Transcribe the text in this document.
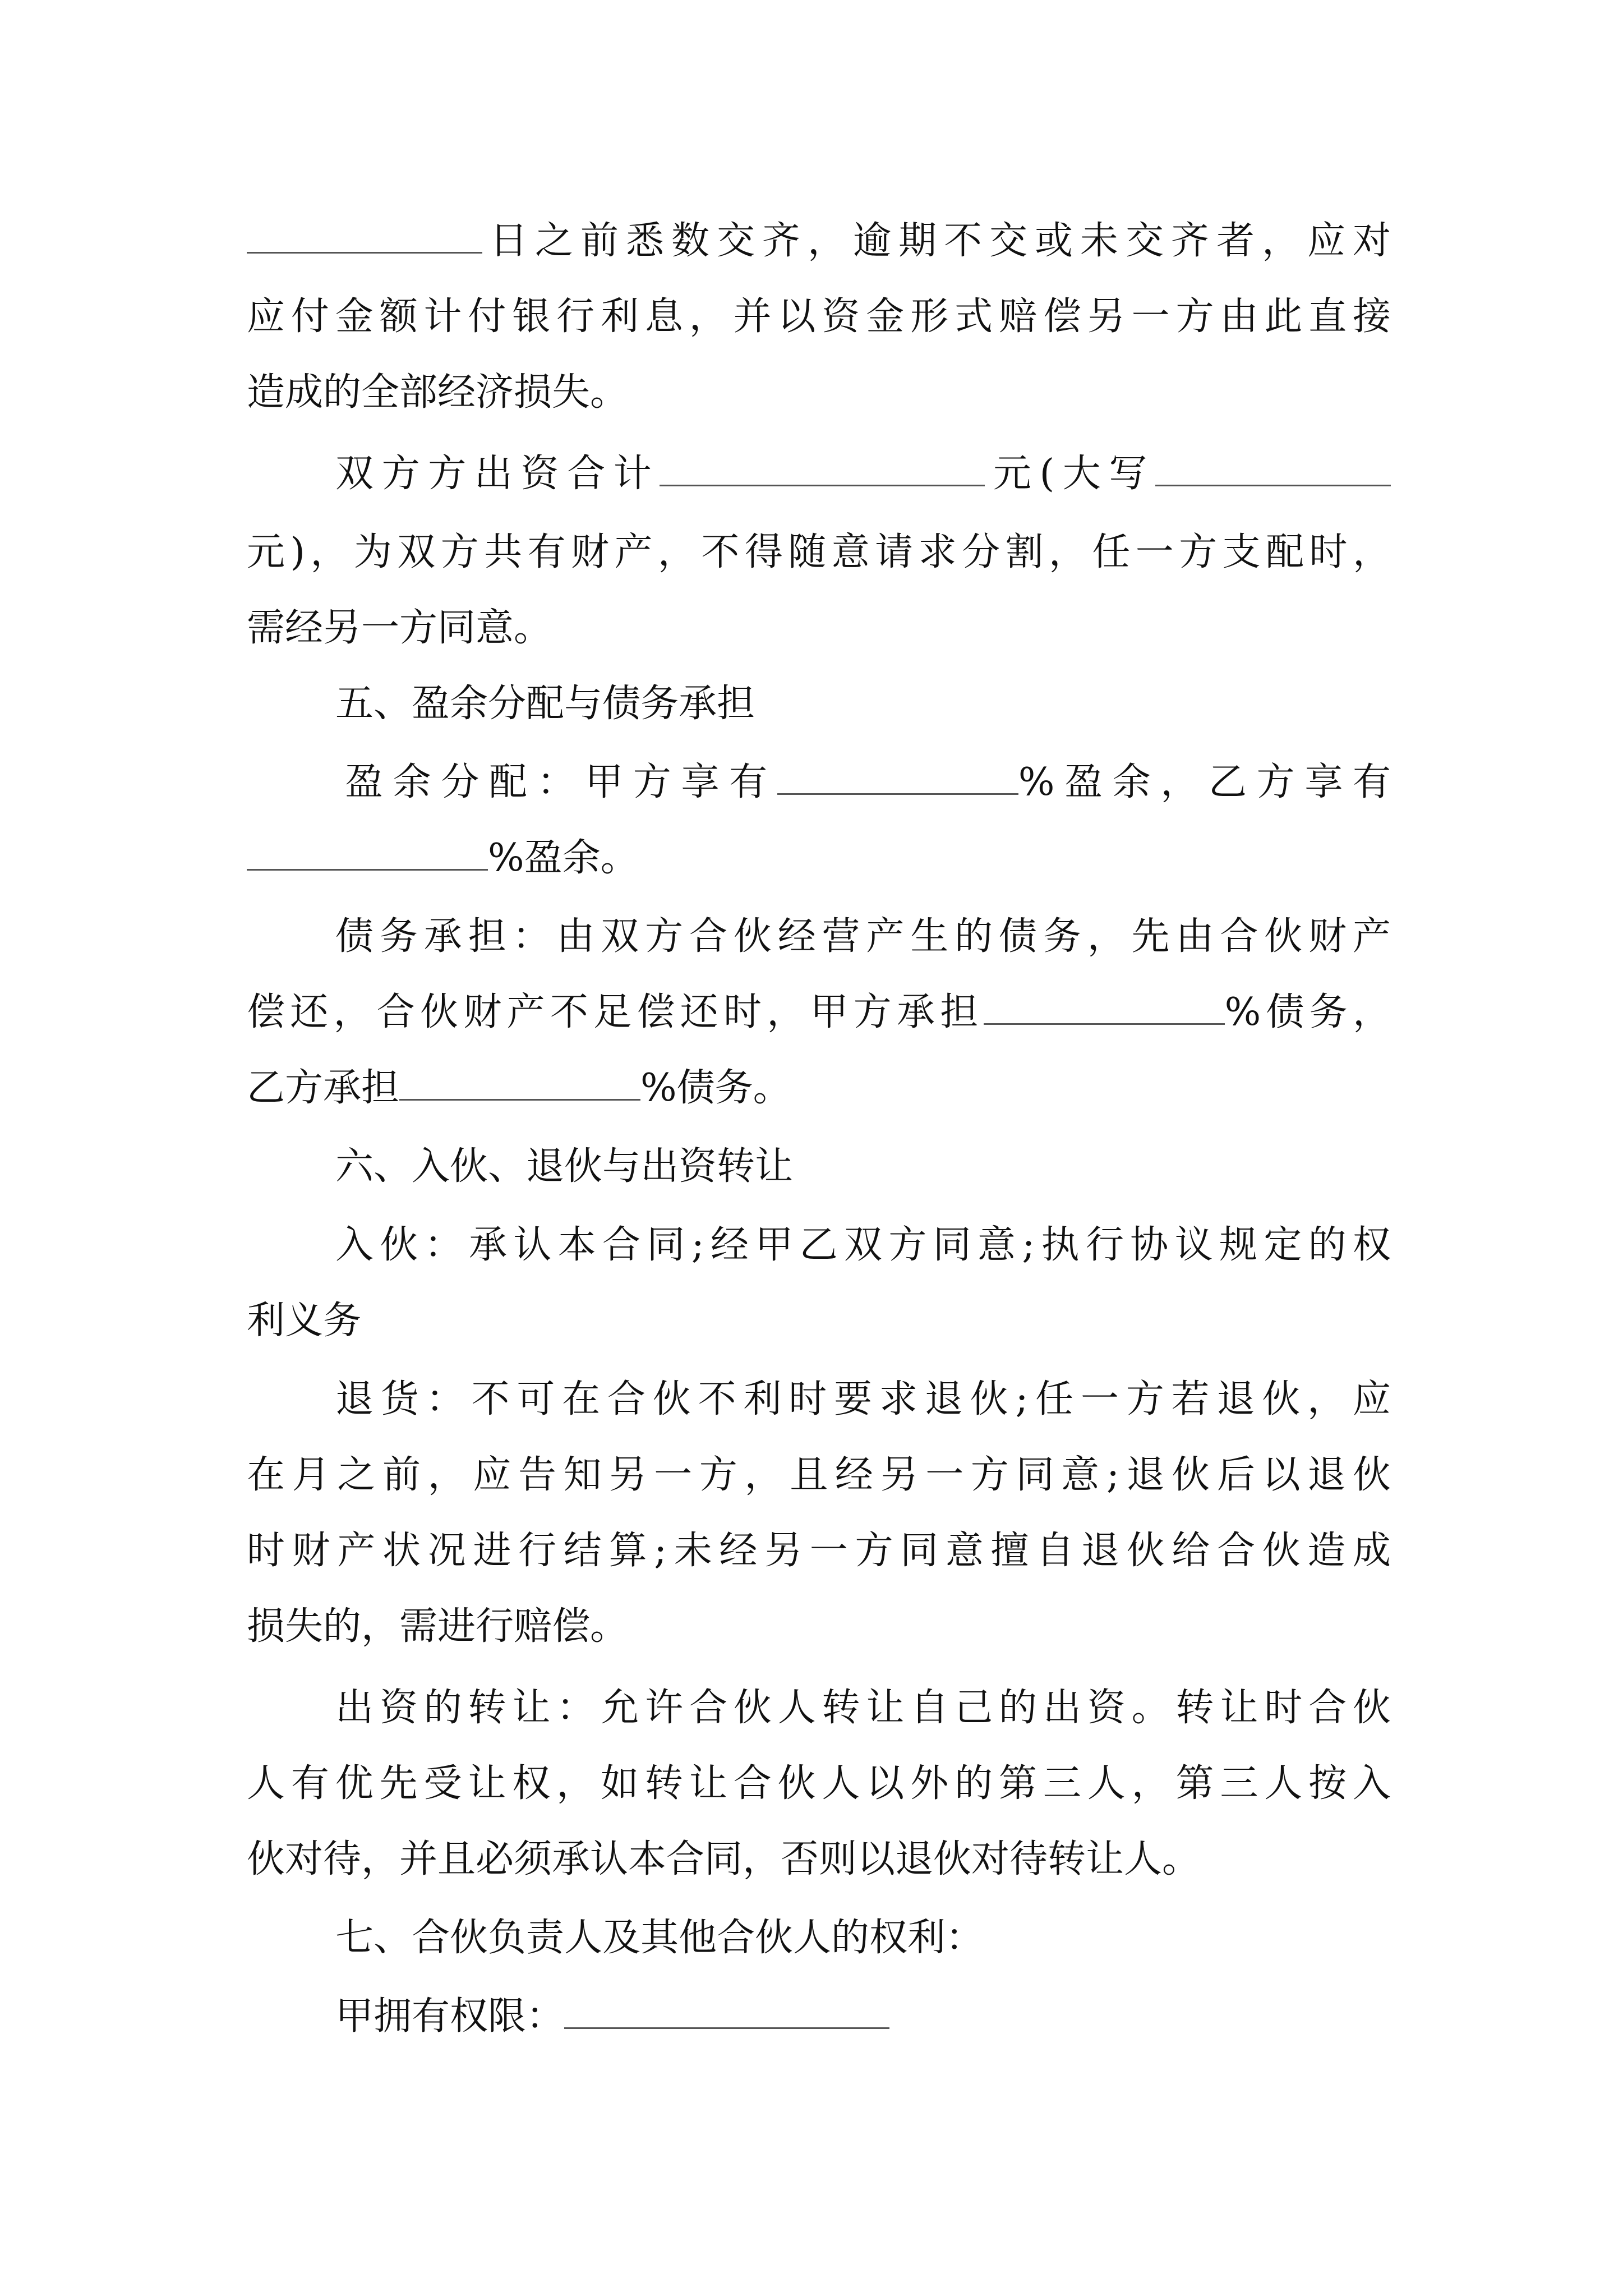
日之前悉数交齐，逾期不交或未交齐者，应对
应付金额计付银行利息，并以资金形式赔偿另一方由此直接
造成的全部经济损失。
双方方出资合计	元(大写
元)，为双方共有财产，不得随意请求分割，任一方支配时，
需经另一方同意。
五、盈余分配与债务承担
盈余分配：甲方享有	%盈余，乙方享有
%盈余。
债务承担：由双方合伙经营产生的债务，先由合伙财产
偿还，合伙财产不足偿还时，甲方承担	%债务，
乙方承担	%债务。
六、入伙、退伙与出资转让
入伙：承认本合同;经甲乙双方同意;执行协议规定的权
利义务
退货：不可在合伙不利时要求退伙;任一方若退伙，应
在月之前，应告知另一方，且经另一方同意;退伙后以退伙
时财产状况进行结算;未经另一方同意擅自退伙给合伙造成
损失的，需进行赔偿。
出资的转让：允许合伙人转让自己的出资。转让时合伙
人有优先受让权，如转让合伙人以外的第三人，第三人按入
伙对待，并且必须承认本合同，否则以退伙对待转让人。
七、合伙负责人及其他合伙人的权利：
甲拥有权限：
